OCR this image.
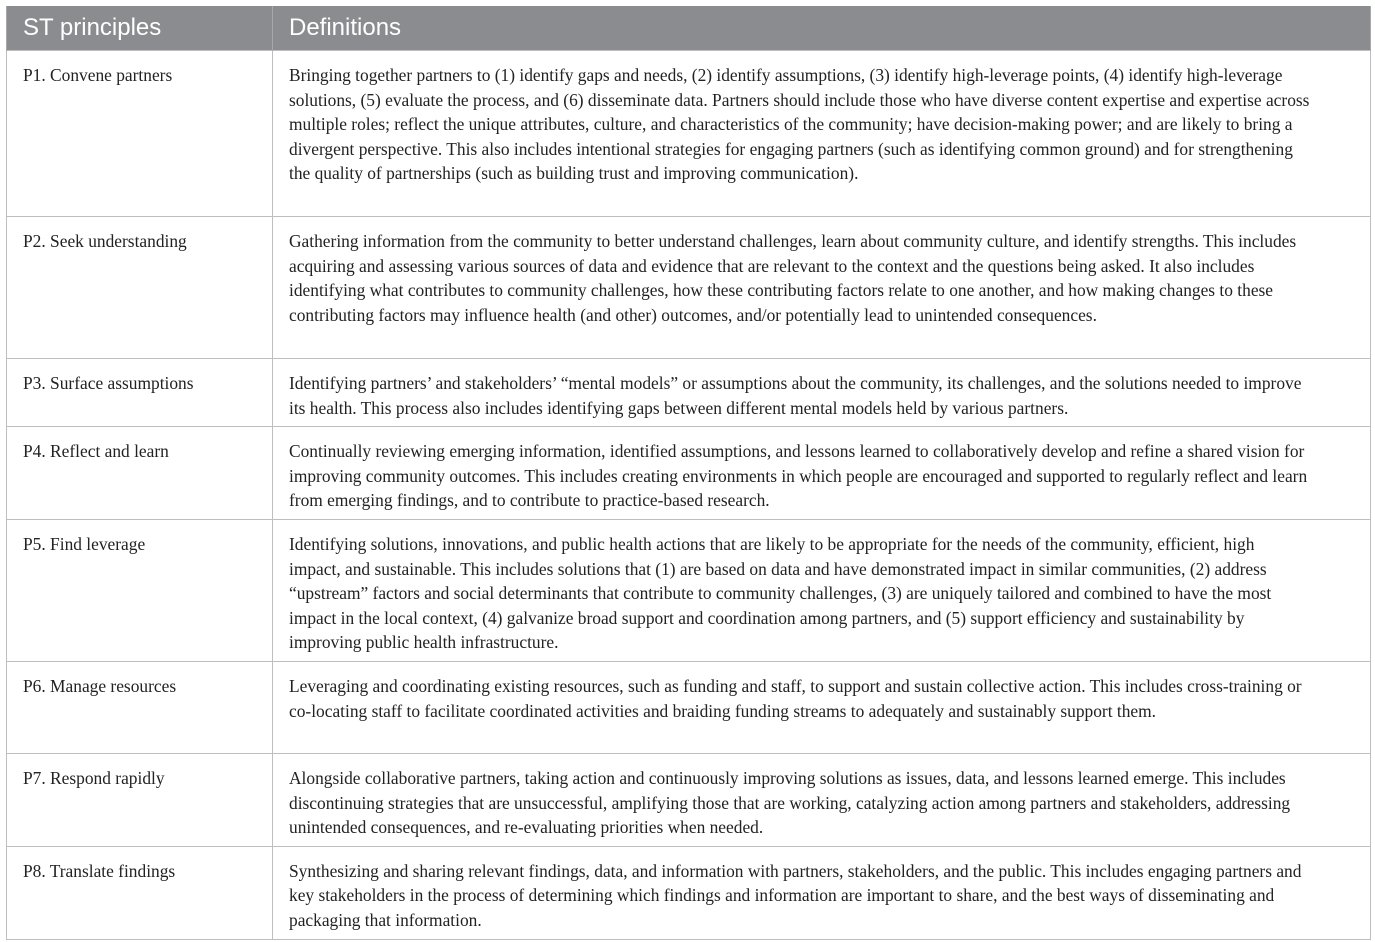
ST principles	Definitions
P1. Convene partners	Bringing together partners to (1) identify gaps and needs, (2) identify assumptions, (3) identify high-leverage points, (4) identify high-leverage solutions, (5) evaluate the process, and (6) disseminate data. Partners should include those who have diverse content expertise and expertise across multiple roles; reflect the unique attributes, culture, and characteristics of the community; have decision-making power; and are likely to bring a divergent perspective. This also includes intentional strategies for engaging partners (such as identifying common ground) and for strengthening the quality of partnerships (such as building trust and improving communication).
P2. Seek understanding	Gathering information from the community to better understand challenges, learn about community culture, and identify strengths. This includes acquiring and assessing various sources of data and evidence that are relevant to the context and the questions being asked. It also includes identifying what contributes to community challenges, how these contributing factors relate to one another, and how making changes to these contributing factors may influence health (and other) outcomes, and/or potentially lead to unintended consequences.
P3. Surface assumptions	Identifying partners’ and stakeholders’ “mental models” or assumptions about the community, its challenges, and the solutions needed to improve its health. This process also includes identifying gaps between different mental models held by various partners.
P4. Reflect and learn	Continually reviewing emerging information, identified assumptions, and lessons learned to collaboratively develop and refine a shared vision for improving community outcomes. This includes creating environments in which people are encouraged and supported to regularly reflect and learn from emerging findings, and to contribute to practice-based research.
P5. Find leverage	Identifying solutions, innovations, and public health actions that are likely to be appropriate for the needs of the community, efficient, high impact, and sustainable. This includes solutions that (1) are based on data and have demonstrated impact in similar communities, (2) address “upstream” factors and social determinants that contribute to community challenges, (3) are uniquely tailored and combined to have the most impact in the local context, (4) galvanize broad support and coordination among partners, and (5) support efficiency and sustainability by improving public health infrastructure.
P6. Manage resources	Leveraging and coordinating existing resources, such as funding and staff, to support and sustain collective action. This includes cross-training or co-locating staff to facilitate coordinated activities and braiding funding streams to adequately and sustainably support them.
P7. Respond rapidly	Alongside collaborative partners, taking action and continuously improving solutions as issues, data, and lessons learned emerge. This includes discontinuing strategies that are unsuccessful, amplifying those that are working, catalyzing action among partners and stakeholders, addressing unintended consequences, and re-evaluating priorities when needed.
P8. Translate findings	Synthesizing and sharing relevant findings, data, and information with partners, stakeholders, and the public. This includes engaging partners and key stakeholders in the process of determining which findings and information are important to share, and the best ways of disseminating and packaging that information.
